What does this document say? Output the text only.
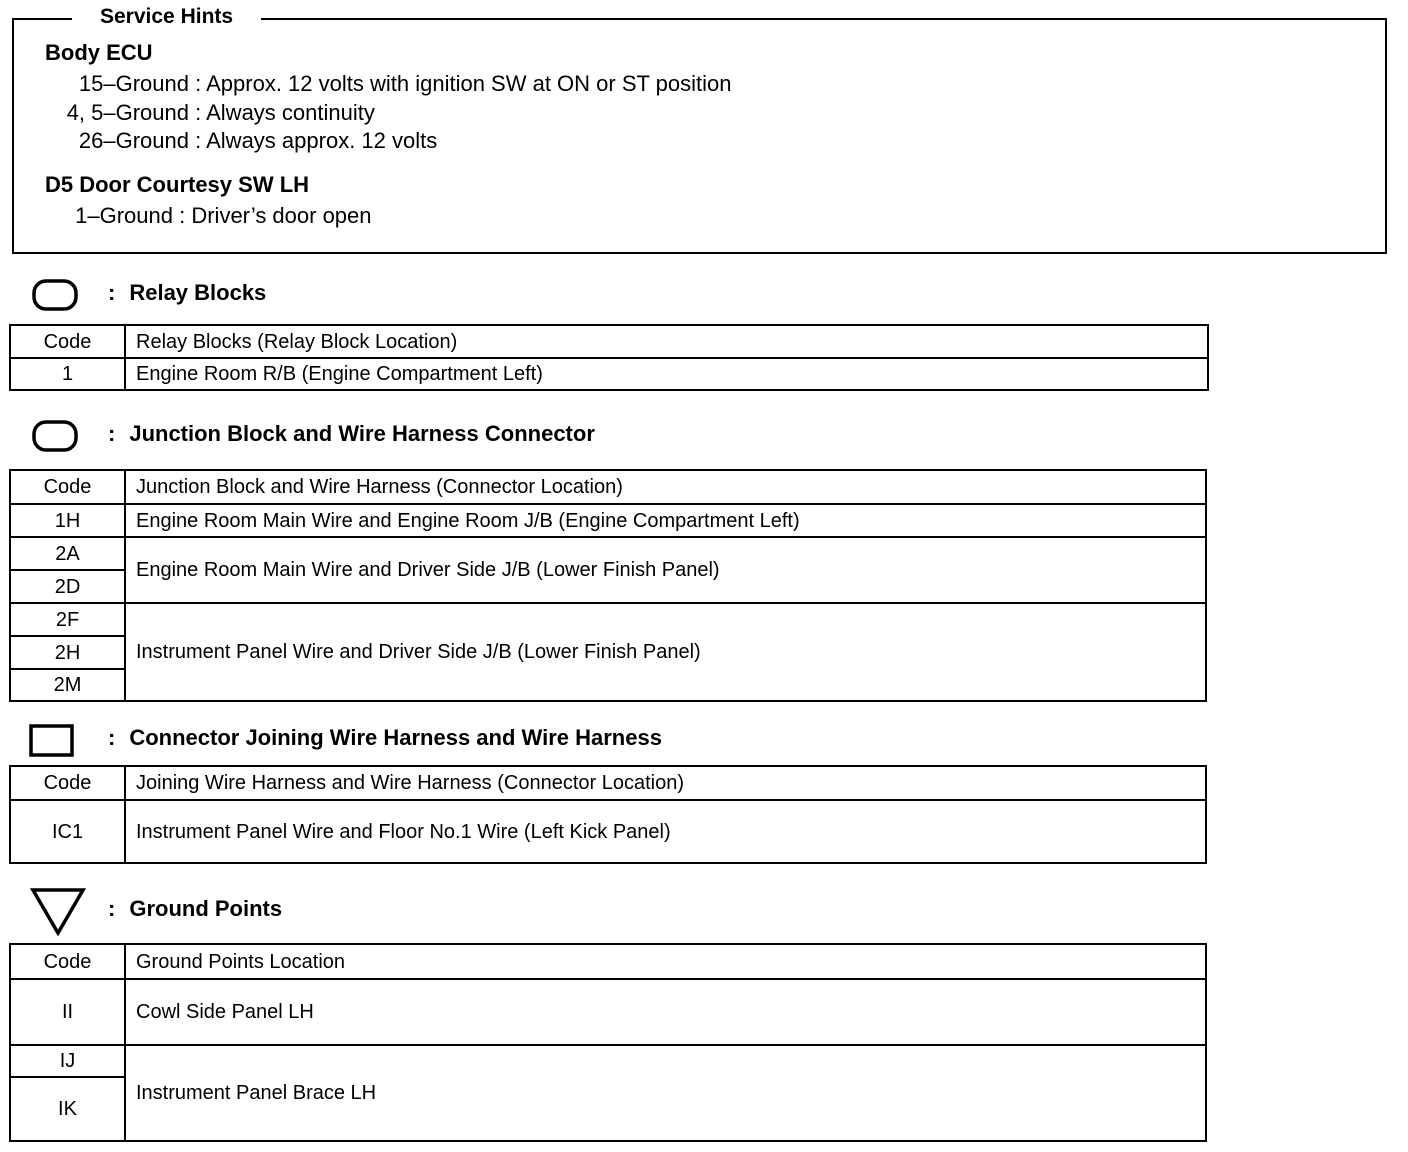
Service Hints
Body ECU
15–Ground : Approx. 12 volts with ignition SW at ON or ST position
4, 5–Ground : Always continuity
26–Ground : Always approx. 12 volts
D5 Door Courtesy SW LH
1–Ground : Driver’s door open
: Relay Blocks
Code	Relay Blocks (Relay Block Location)
1	Engine Room R/B (Engine Compartment Left)
: Junction Block and Wire Harness Connector
Code	Junction Block and Wire Harness (Connector Location)
1H	Engine Room Main Wire and Engine Room J/B (Engine Compartment Left)
2A	Engine Room Main Wire and Driver Side J/B (Lower Finish Panel)
2D	
2F	Instrument Panel Wire and Driver Side J/B (Lower Finish Panel)
2H	
2M	
: Connector Joining Wire Harness and Wire Harness
Code	Joining Wire Harness and Wire Harness (Connector Location)
IC1	Instrument Panel Wire and Floor No.1 Wire (Left Kick Panel)
: Ground Points
Code	Ground Points Location
II	Cowl Side Panel LH
IJ	Instrument Panel Brace LH
IK	
